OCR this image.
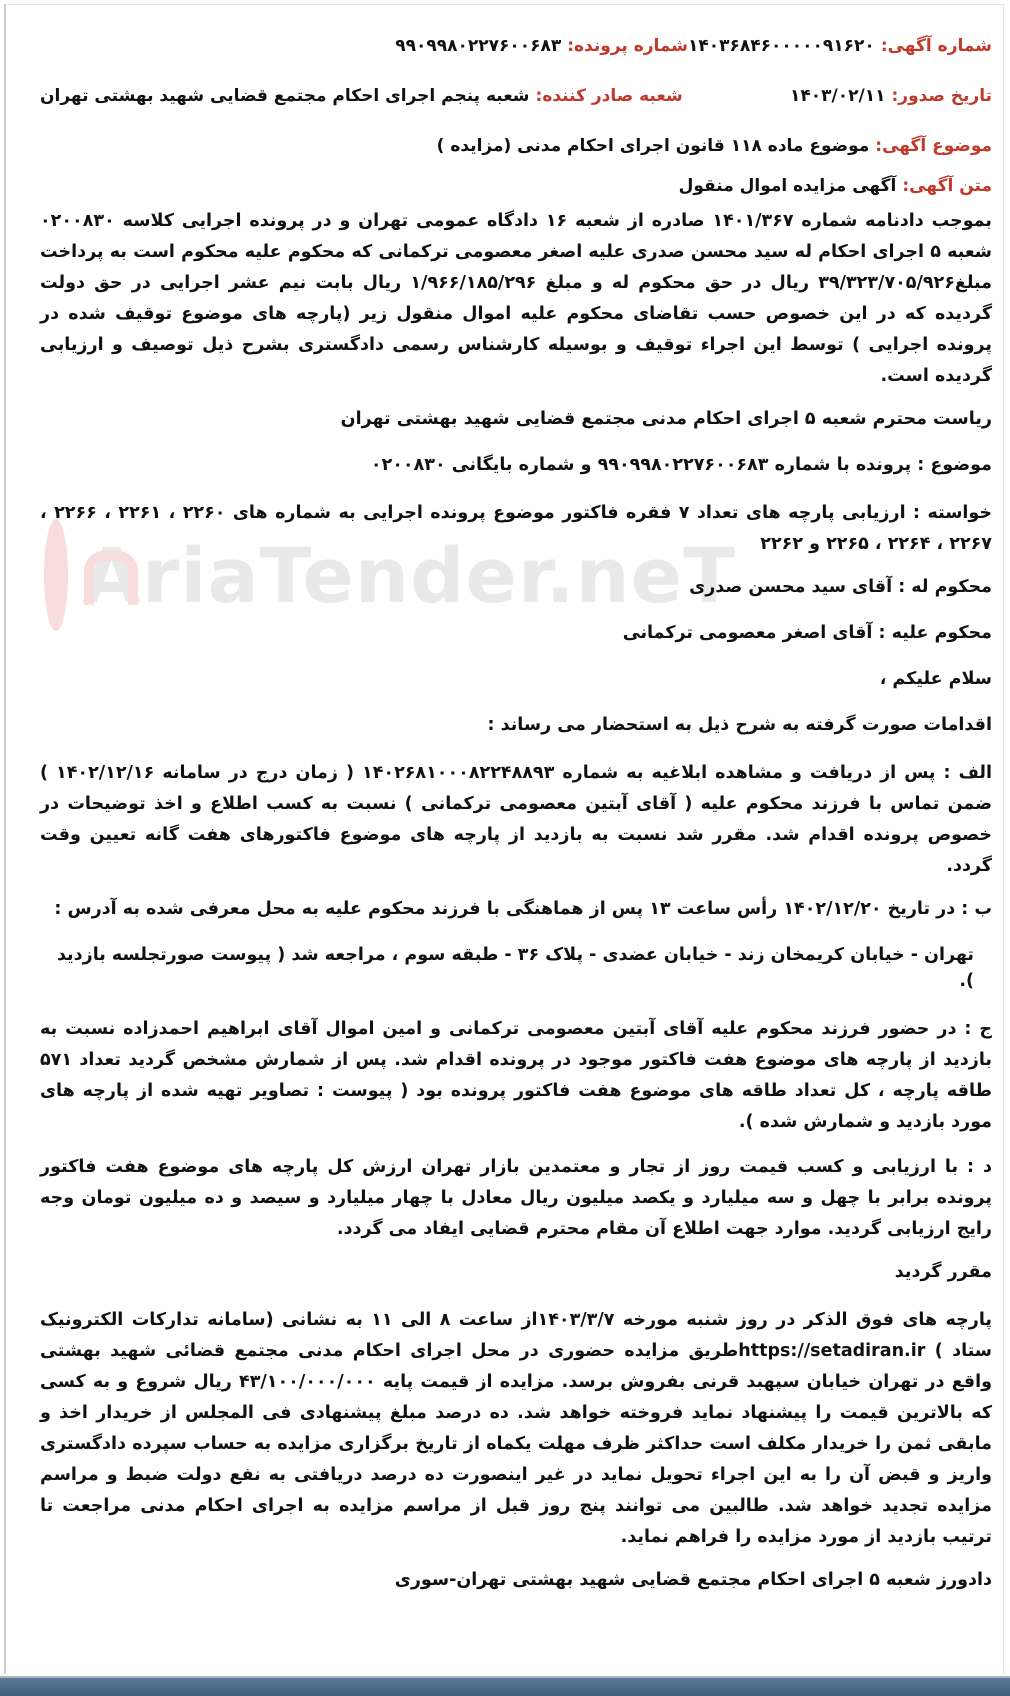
شماره آگهی:۱۴۰۳۶۸۴۶۰۰۰۰۰۹۱۶۲۰
شماره پرونده:۹۹۰۹۹۸۰۲۲۷۶۰۰۶۸۳
تاریخ صدور:۱۴۰۳/۰۲/۱۱
شعبه صادر کننده:شعبه پنجم اجرای احکام مجتمع قضایی شهید بهشتی تهران
موضوع آگهی:موضوع ماده ۱۱۸ قانون اجرای احکام مدنی (مزایده )
متن آگهی:آگهی مزایده اموال منقول

بموجب دادنامه شماره ۱۴۰۱/۳۶۷ صادره از شعبه ۱۶ دادگاه عمومی تهران و در پرونده اجرایی کلاسه ۰۲۰۰۸۳۰ شعبه ۵ اجرای احکام له سید محسن صدری علیه اصغر معصومی ترکمانی که محکوم علیه محکوم است به پرداخت مبلغ۳۹/۳۲۳/۷۰۵/۹۲۶ ریال در حق محکوم له و مبلغ ۱/۹۶۶/۱۸۵/۲۹۶ ریال بابت نیم عشر اجرایی در حق دولت گردیده که در این خصوص حسب تقاضای محکوم علیه اموال منقول زیر (پارچه های موضوع توقیف شده در پرونده اجرایی ) توسط این اجراء توقیف و بوسیله کارشناس رسمی دادگستری بشرح ذیل توصیف و ارزیابی گردیده است.

ریاست محترم شعبه ۵ اجرای احکام مدنی مجتمع قضایی شهید بهشتی تهران

موضوع : پرونده با شماره ۹۹۰۹۹۸۰۲۲۷۶۰۰۶۸۳ و شماره بایگانی ۰۲۰۰۸۳۰

خواسته : ارزیابی پارچه های تعداد ۷ فقره فاکتور موضوع پرونده اجرایی به شماره های ۲۲۶۰ ، ۲۲۶۱ ، ۲۲۶۶ ، ۲۲۶۷ ، ۲۲۶۴ ، ۲۲۶۵ و ۲۲۶۲

محکوم له : آقای سید محسن صدری

محکوم علیه : آقای اصغر معصومی ترکمانی

سلام علیکم ،

اقدامات صورت گرفته به شرح ذیل به استحضار می رساند :

الف : پس از دریافت و مشاهده ابلاغیه به شماره ۱۴۰۲۶۸۱۰۰۰۸۲۲۴۸۸۹۳ ( زمان درج در سامانه ۱۴۰۲/۱۲/۱۶ ) ضمن تماس با فرزند محکوم علیه ( آقای آبتین معصومی ترکمانی ) نسبت به کسب اطلاع و اخذ توضیحات در خصوص پرونده اقدام شد. مقرر شد نسبت به بازدید از پارچه های موضوع فاکتورهای هفت گانه تعیین وقت گردد.

ب : در تاریخ ۱۴۰۲/۱۲/۲۰ رأس ساعت ۱۳ پس از هماهنگی با فرزند محکوم علیه به محل معرفی شده به آدرس :

تهران - خیابان کریمخان زند - خیابان عضدی - پلاک ۳۶ - طبقه سوم ، مراجعه شد ( پیوست صورتجلسه بازدید ).

ج : در حضور فرزند محکوم علیه آقای آبتین معصومی ترکمانی و امین اموال آقای ابراهیم احمدزاده نسبت به بازدید از پارچه های موضوع هفت فاکتور موجود در پرونده اقدام شد. پس از شمارش مشخص گردید تعداد ۵۷۱ طاقه پارچه ، کل تعداد طاقه های موضوع هفت فاکتور پرونده بود ( پیوست : تصاویر تهیه شده از پارچه های مورد بازدید و شمارش شده ).

د : با ارزیابی و کسب قیمت روز از تجار و معتمدین بازار تهران ارزش کل پارچه های موضوع هفت فاکتور پرونده برابر با چهل و سه میلیارد و یکصد میلیون ریال معادل با چهار میلیارد و سیصد و ده میلیون تومان وجه رایج ارزیابی گردید. موارد جهت اطلاع آن مقام محترم قضایی ایفاد می گردد.

مقرر گردید

پارچه های فوق الذکر در روز شنبه مورخه ۱۴۰۳/۳/۷از ساعت ۸ الی ۱۱ به نشانی (سامانه تدارکات الکترونیک ستاد ) https://setadiran.irطریق مزایده حضوری در محل اجرای احکام مدنی مجتمع قضائی شهید بهشتی واقع در تهران خیابان سپهبد قرنی بفروش برسد. مزایده از قیمت پایه ۴۳/۱۰۰/۰۰۰/۰۰۰ ریال شروع و به کسی که بالاترین قیمت را پیشنهاد نماید فروخته خواهد شد. ده درصد مبلغ پیشنهادی فی المجلس از خریدار اخذ و مابقی ثمن را خریدار مکلف است حداکثر ظرف مهلت یکماه از تاریخ برگزاری مزایده به حساب سپرده دادگستری واریز و قبض آن را به این اجراء تحویل نماید در غیر اینصورت ده درصد دریافتی به نفع دولت ضبط و مراسم مزایده تجدید خواهد شد. طالبین می توانند پنج روز قبل از مراسم مزایده به اجرای احکام مدنی مراجعت تا ترتیب بازدید از مورد مزایده را فراهم نماید.

دادورز شعبه ۵ اجرای احکام مجتمع قضایی شهید بهشتی تهران-سوری
